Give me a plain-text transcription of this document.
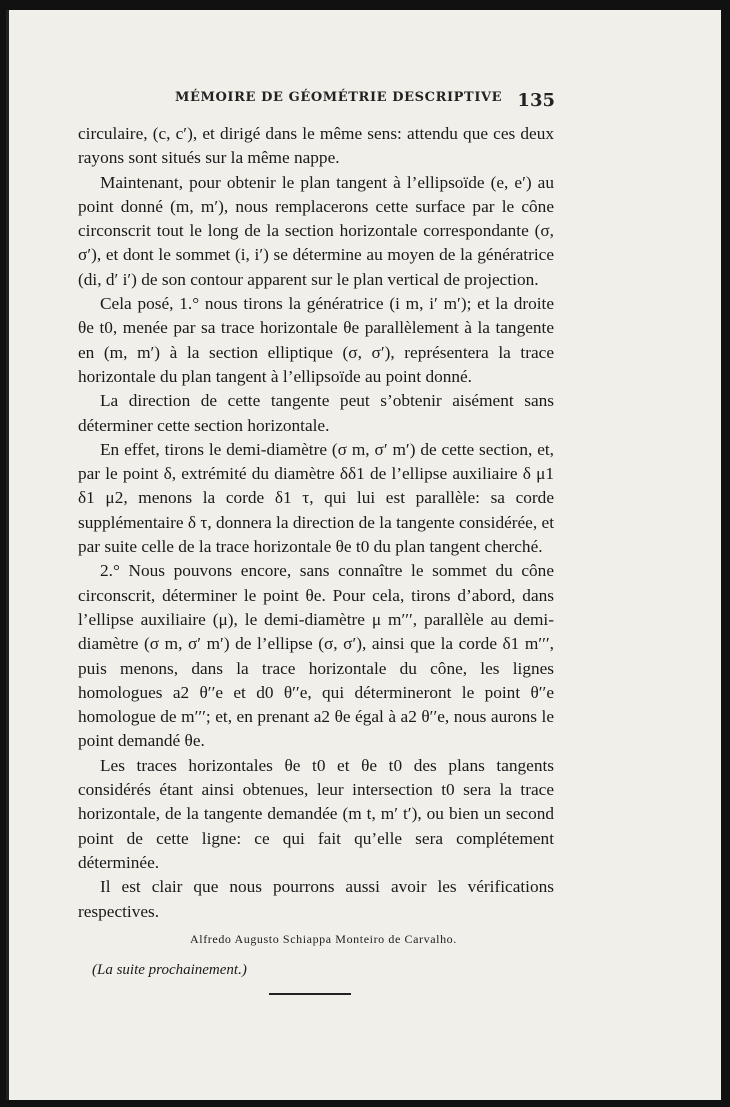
MÉMOIRE DE GÉOMÉTRIE DESCRIPTIVE 135

circulaire, (c, c′), et dirigé dans le même sens: attendu que ces deux rayons sont situés sur la même nappe.

Maintenant, pour obtenir le plan tangent à l’ellipsoïde (e, e′) au point donné (m, m′), nous remplacerons cette surface par le cône circonscrit tout le long de la section horizontale correspondante (σ, σ′), et dont le sommet (i, i′) se détermine au moyen de la génératrice (di, d′ i′) de son contour apparent sur le plan vertical de projection.

Cela posé, 1.° nous tirons la génératrice (i m, i′ m′); et la droite θe t0, menée par sa trace horizontale θe parallèlement à la tangente en (m, m′) à la section elliptique (σ, σ′), représentera la trace horizontale du plan tangent à l’ellipsoïde au point donné.

La direction de cette tangente peut s’obtenir aisément sans déterminer cette section horizontale.

En effet, tirons le demi-diamètre (σ m, σ′ m′) de cette section, et, par le point δ, extrémité du diamètre δδ1 de l’ellipse auxiliaire δ μ1 δ1 μ2, menons la corde δ1 τ, qui lui est parallèle: sa corde supplémentaire δ τ, donnera la direction de la tangente considérée, et par suite celle de la trace horizontale θe t0 du plan tangent cherché.

2.° Nous pouvons encore, sans connaître le sommet du cône circonscrit, déterminer le point θe. Pour cela, tirons d’abord, dans l’ellipse auxiliaire (μ), le demi-diamètre μ m′′′, parallèle au demi-diamètre (σ m, σ′ m′) de l’ellipse (σ, σ′), ainsi que la corde δ1 m′′′, puis menons, dans la trace horizontale du cône, les lignes homologues a2 θ′′e et d0 θ′′e, qui détermineront le point θ′′e homologue de m′′′; et, en prenant a2 θe égal à a2 θ′′e, nous aurons le point demandé θe.

Les traces horizontales θe t0 et θe t0 des plans tangents considérés étant ainsi obtenues, leur intersection t0 sera la trace horizontale, de la tangente demandée (m t, m′ t′), ou bien un second point de cette ligne: ce qui fait qu’elle sera complétement déterminée.

Il est clair que nous pourrons aussi avoir les vérifications respectives.

Alfredo Augusto Schiappa Monteiro de Carvalho.
(La suite prochainement.)
